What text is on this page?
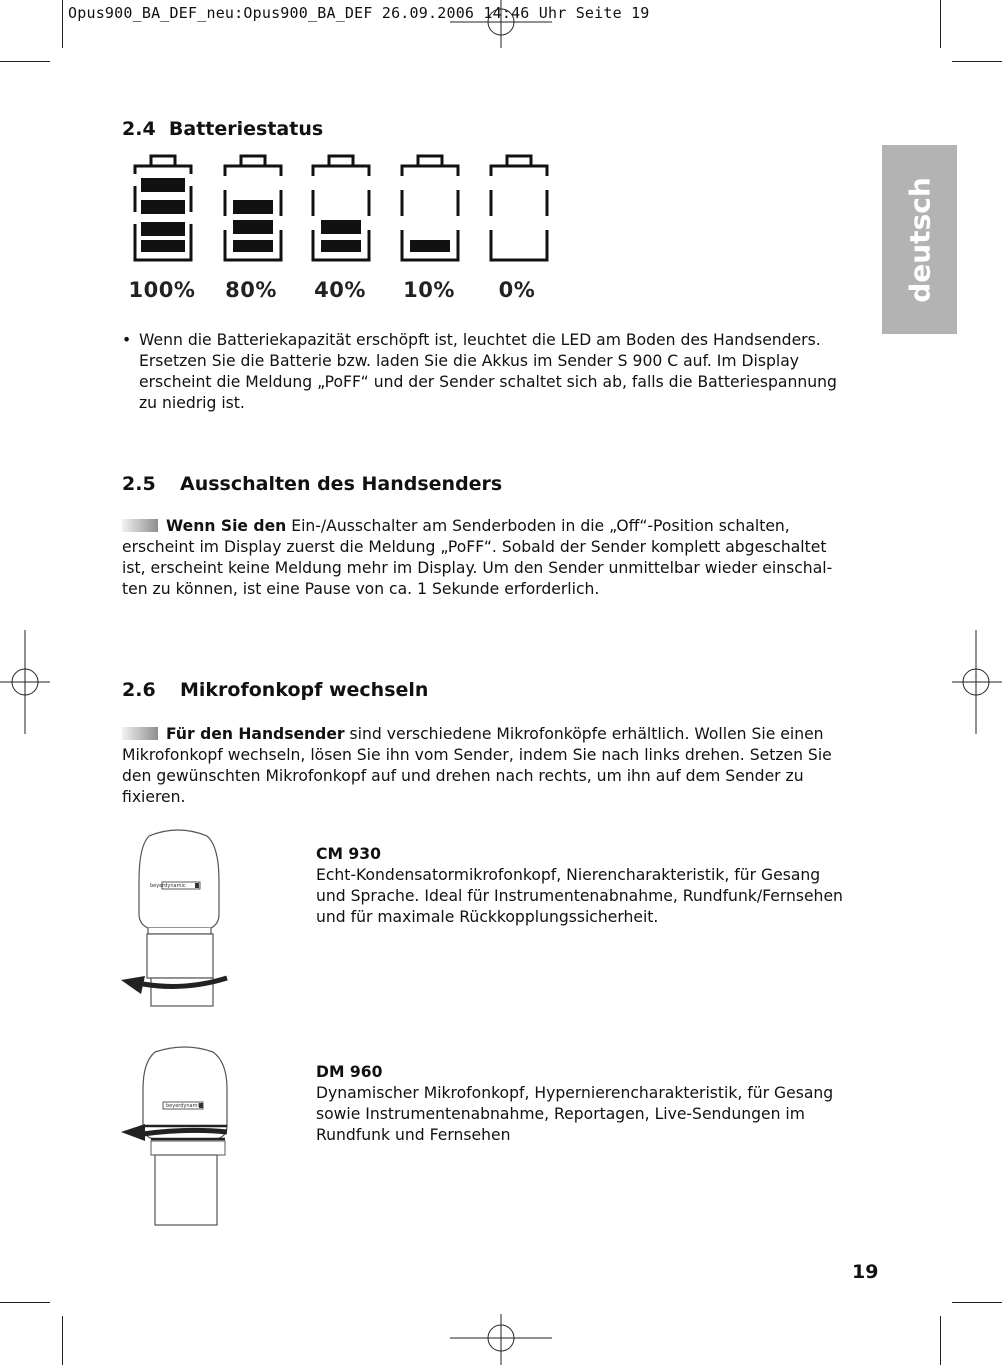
Opus900_BA_DEF_neu:Opus900_BA_DEF 26.09.2006 14:46 Uhr Seite 19
deutsch
2.4 Batteriestatus
100%	80%	40%	10%	0%
• Wenn die Batteriekapazität erschöpft ist, leuchtet die LED am Boden des Handsenders. Ersetzen Sie die Batterie bzw. laden Sie die Akkus im Sender S 900 C auf. Im Display erscheint die Meldung „PoFF“ und der Sender schaltet sich ab, falls die Batteriespannung zu niedrig ist.
2.5 Ausschalten des Handsenders
Wenn Sie den Ein-/Ausschalter am Senderboden in die „Off“-Position schalten, erscheint im Display zuerst die Meldung „PoFF“. Sobald der Sender komplett abgeschaltet ist, erscheint keine Meldung mehr im Display. Um den Sender unmittelbar wieder einschal-ten zu können, ist eine Pause von ca. 1 Sekunde erforderlich.
2.6 Mikrofonkopf wechseln
Für den Handsender sind verschiedene Mikrofonköpfe erhältlich. Wollen Sie einen Mikrofonkopf wechseln, lösen Sie ihn vom Sender, indem Sie nach links drehen. Setzen Sie den gewünschten Mikrofonkopf auf und drehen nach rechts, um ihn auf dem Sender zu fixieren.
CM 930
Echt-Kondensatormikrofonkopf, Nierencharakteristik, für Gesang und Sprache. Ideal für Instrumentenabnahme, Rundfunk/Fernsehen und für maximale Rückkopplungssicherheit.
DM 960
Dynamischer Mikrofonkopf, Hypernierencharakteristik, für Gesang sowie Instrumentenabnahme, Reportagen, Live-Sendungen im Rundfunk und Fernsehen
beyerdynamic
beyerdynamic
19
